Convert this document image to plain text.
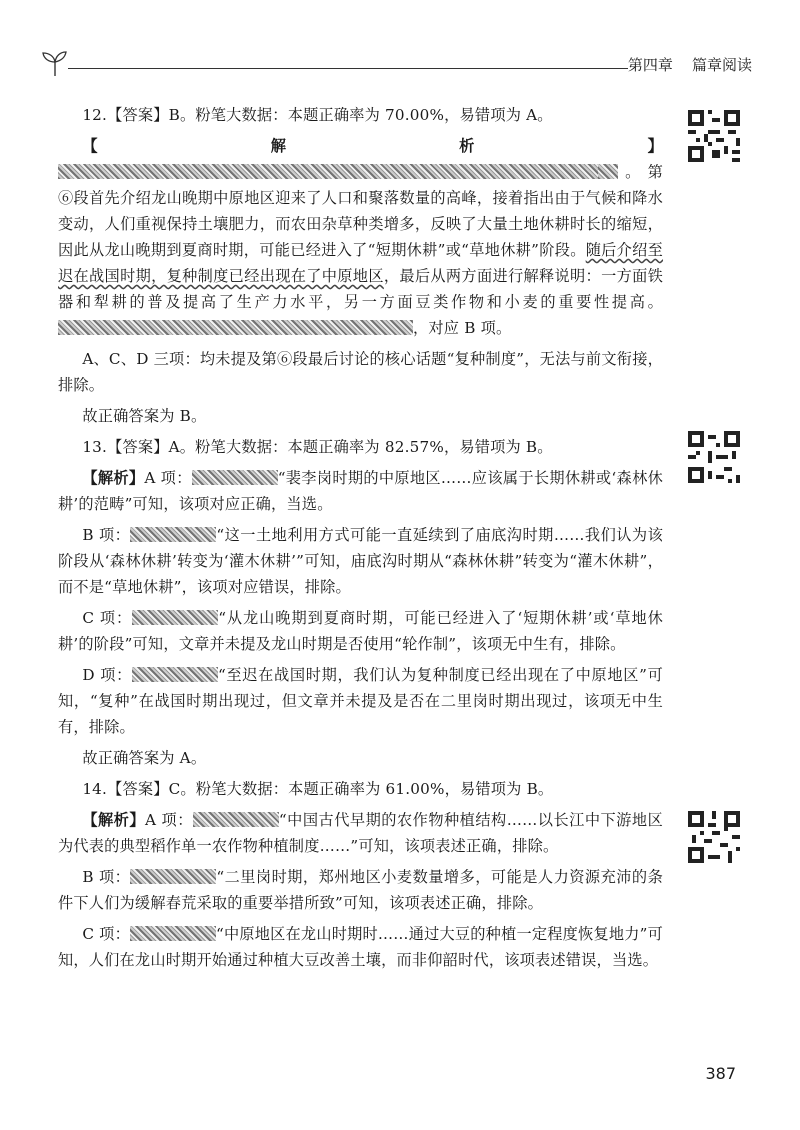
第四章    篇章阅读

12.【答案】B。粉笔大数据：本题正确率为 70.00%，易错项为 A。

【解析】。第⑥段首先介绍龙山晚期中原地区迎来了人口和聚落数量的高峰，接着指出由于气候和降水变动，人们重视保持土壤肥力，而农田杂草种类增多，反映了大量土地休耕时长的缩短，因此从龙山晚期到夏商时期，可能已经进入了“短期休耕”或“草地休耕”阶段。随后介绍至迟在战国时期，复种制度已经出现在了中原地区，最后从两方面进行解释说明：一方面铁器和犁耕的普及提高了生产力水平，另一方面豆类作物和小麦的重要性提高。，对应 B 项。

A、C、D 三项：均未提及第⑥段最后讨论的核心话题“复种制度”，无法与前文衔接，排除。

故正确答案为 B。

13.【答案】A。粉笔大数据：本题正确率为 82.57%，易错项为 B。

【解析】A 项：	“裴李岗时期的中原地区……应该属于长期休耕或‘森林休耕’的范畴”可知，该项对应正确，当选。

B 项：	“这一土地利用方式可能一直延续到了庙底沟时期……我们认为该阶段从‘森林休耕’转变为‘灌木休耕’”可知，庙底沟时期从“森林休耕”转变为“灌木休耕”，而不是“草地休耕”，该项对应错误，排除。

C 项：	“从龙山晚期到夏商时期，可能已经进入了‘短期休耕’或‘草地休耕’的阶段”可知，文章并未提及龙山时期是否使用“轮作制”，该项无中生有，排除。

D 项：	“至迟在战国时期，我们认为复种制度已经出现在了中原地区”可知，“复种”在战国时期出现过，但文章并未提及是否在二里岗时期出现过，该项无中生有，排除。

故正确答案为 A。

14.【答案】C。粉笔大数据：本题正确率为 61.00%，易错项为 B。

【解析】A 项：	“中国古代早期的农作物种植结构……以长江中下游地区为代表的典型稻作单一农作物种植制度……”可知，该项表述正确，排除。

B 项：	“二里岗时期，郑州地区小麦数量增多，可能是人力资源充沛的条件下人们为缓解春荒采取的重要举措所致”可知，该项表述正确，排除。

C 项：	“中原地区在龙山时期时……通过大豆的种植一定程度恢复地力”可知，人们在龙山时期开始通过种植大豆改善土壤，而非仰韶时代，该项表述错误，当选。

387
